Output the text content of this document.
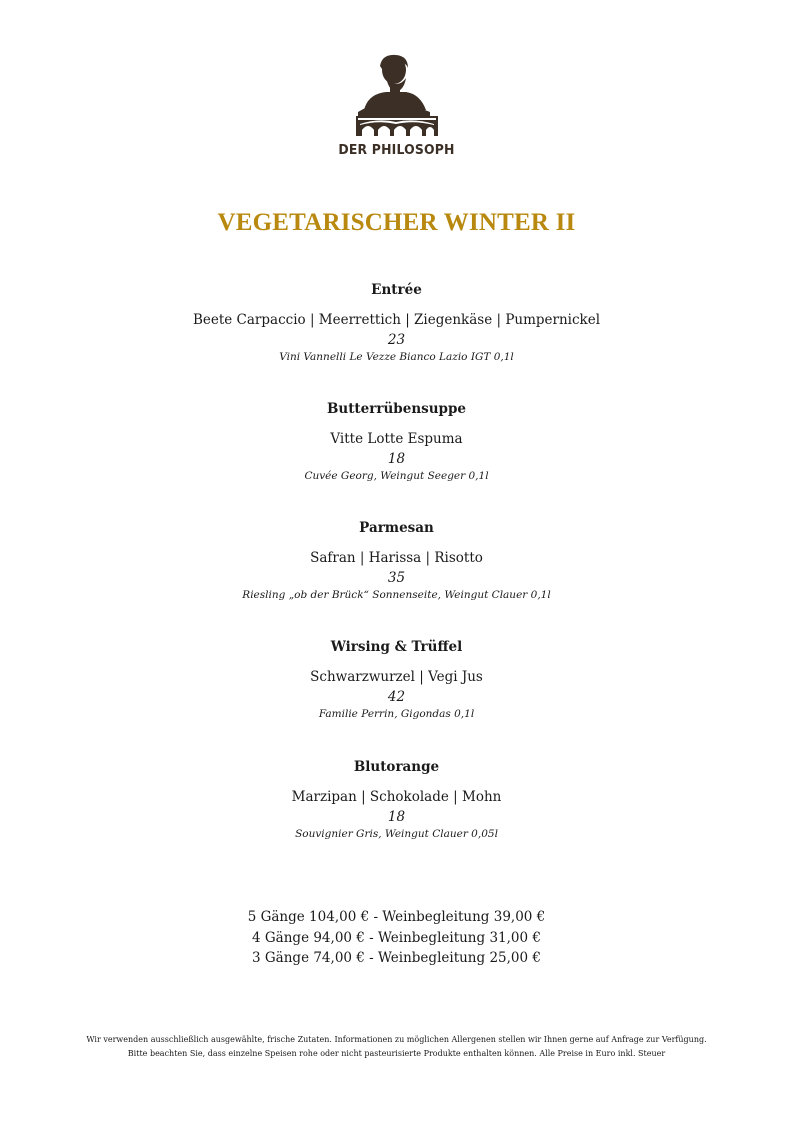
DER PHILOSOPH
VEGETARISCHER WINTER II
Entrée
Beete Carpaccio | Meerrettich | Ziegenkäse | Pumpernickel
23
Vini Vannelli Le Vezze Bianco Lazio IGT 0,1l
Butterrübensuppe
Vitte Lotte Espuma
18
Cuvée Georg, Weingut Seeger 0,1l
Parmesan
Safran | Harissa | Risotto
35
Riesling „ob der Brück“ Sonnenseite, Weingut Clauer 0,1l
Wirsing & Trüffel
Schwarzwurzel | Vegi Jus
42
Familie Perrin, Gigondas 0,1l
Blutorange
Marzipan | Schokolade | Mohn
18
Souvignier Gris, Weingut Clauer 0,05l
5 Gänge 104,00 € - Weinbegleitung 39,00 €
4 Gänge 94,00 € - Weinbegleitung 31,00 €
3 Gänge 74,00 € - Weinbegleitung 25,00 €
Wir verwenden ausschließlich ausgewählte, frische Zutaten. Informationen zu möglichen Allergenen stellen wir Ihnen gerne auf Anfrage zur Verfügung.
Bitte beachten Sie, dass einzelne Speisen rohe oder nicht pasteurisierte Produkte enthalten können. Alle Preise in Euro inkl. Steuer
